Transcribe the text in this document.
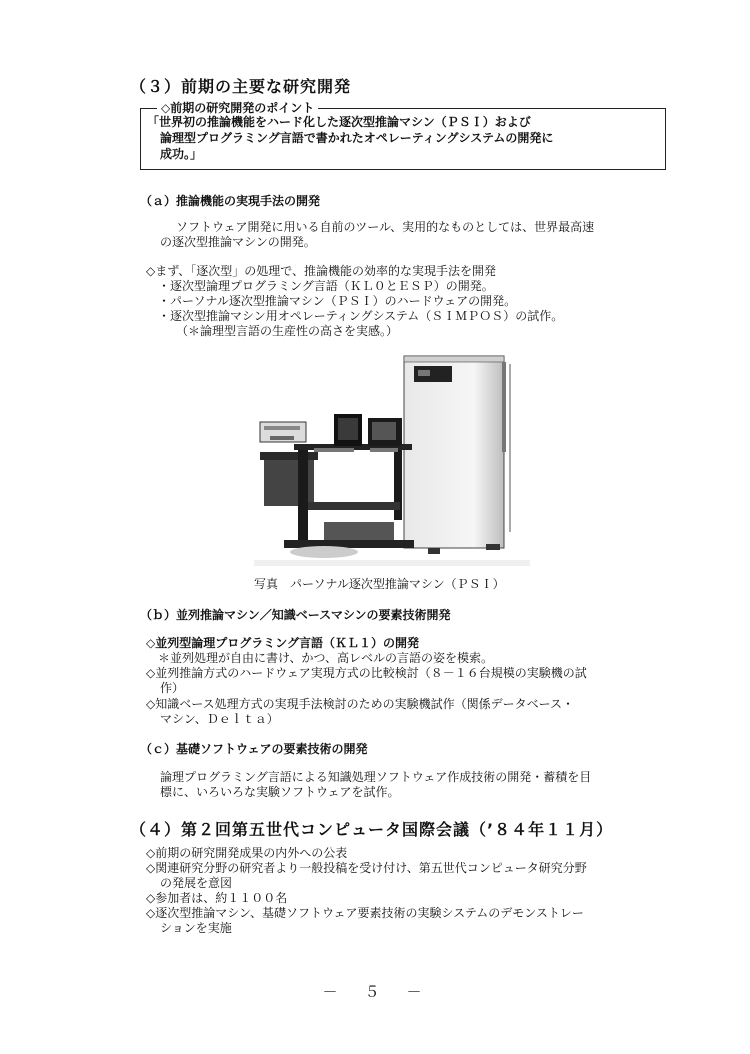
（３）前期の主要な研究開発
◇前期の研究開発のポイント
「世界初の推論機能をハード化した逐次型推論マシン（ＰＳＩ）および
論理型プログラミング言語で書かれたオペレーティングシステムの開発に
成功。」
（ａ）推論機能の実現手法の開発
ソフトウェア開発に用いる自前のツール、実用的なものとしては、世界最高速
の逐次型推論マシンの開発。
◇まず、「逐次型」の処理で、推論機能の効率的な実現手法を開発
・逐次型論理プログラミング言語（ＫＬ０とＥＳＰ）の開発。
・パーソナル逐次型推論マシン（ＰＳＩ）のハードウェアの開発。
・逐次型推論マシン用オペレーティングシステム（ＳＩＭＰＯＳ）の試作。
（＊論理型言語の生産性の高さを実感。）
写真　パーソナル逐次型推論マシン（ＰＳＩ）
（ｂ）並列推論マシン／知識ベースマシンの要素技術開発
◇並列型論理プログラミング言語（ＫＬ１）の開発
＊並列処理が自由に書け、かつ、高レベルの言語の姿を模索。
◇並列推論方式のハードウェア実現方式の比較検討（８－１６台規模の実験機の試
作）
◇知識ベース処理方式の実現手法検討のための実験機試作（関係データベース・
マシン、Ｄｅｌｔａ）
（ｃ）基礎ソフトウェアの要素技術の開発
論理プログラミング言語による知識処理ソフトウェア作成技術の開発・蓄積を目
標に、いろいろな実験ソフトウェアを試作。
（４）第２回第五世代コンピュータ国際会議（’８４年１１月）
◇前期の研究開発成果の内外への公表
◇関連研究分野の研究者より一般投稿を受け付け、第五世代コンピュータ研究分野
の発展を意図
◇参加者は、約１１００名
◇逐次型推論マシン、基礎ソフトウェア要素技術の実験システムのデモンストレー
ションを実施
－　５　－
